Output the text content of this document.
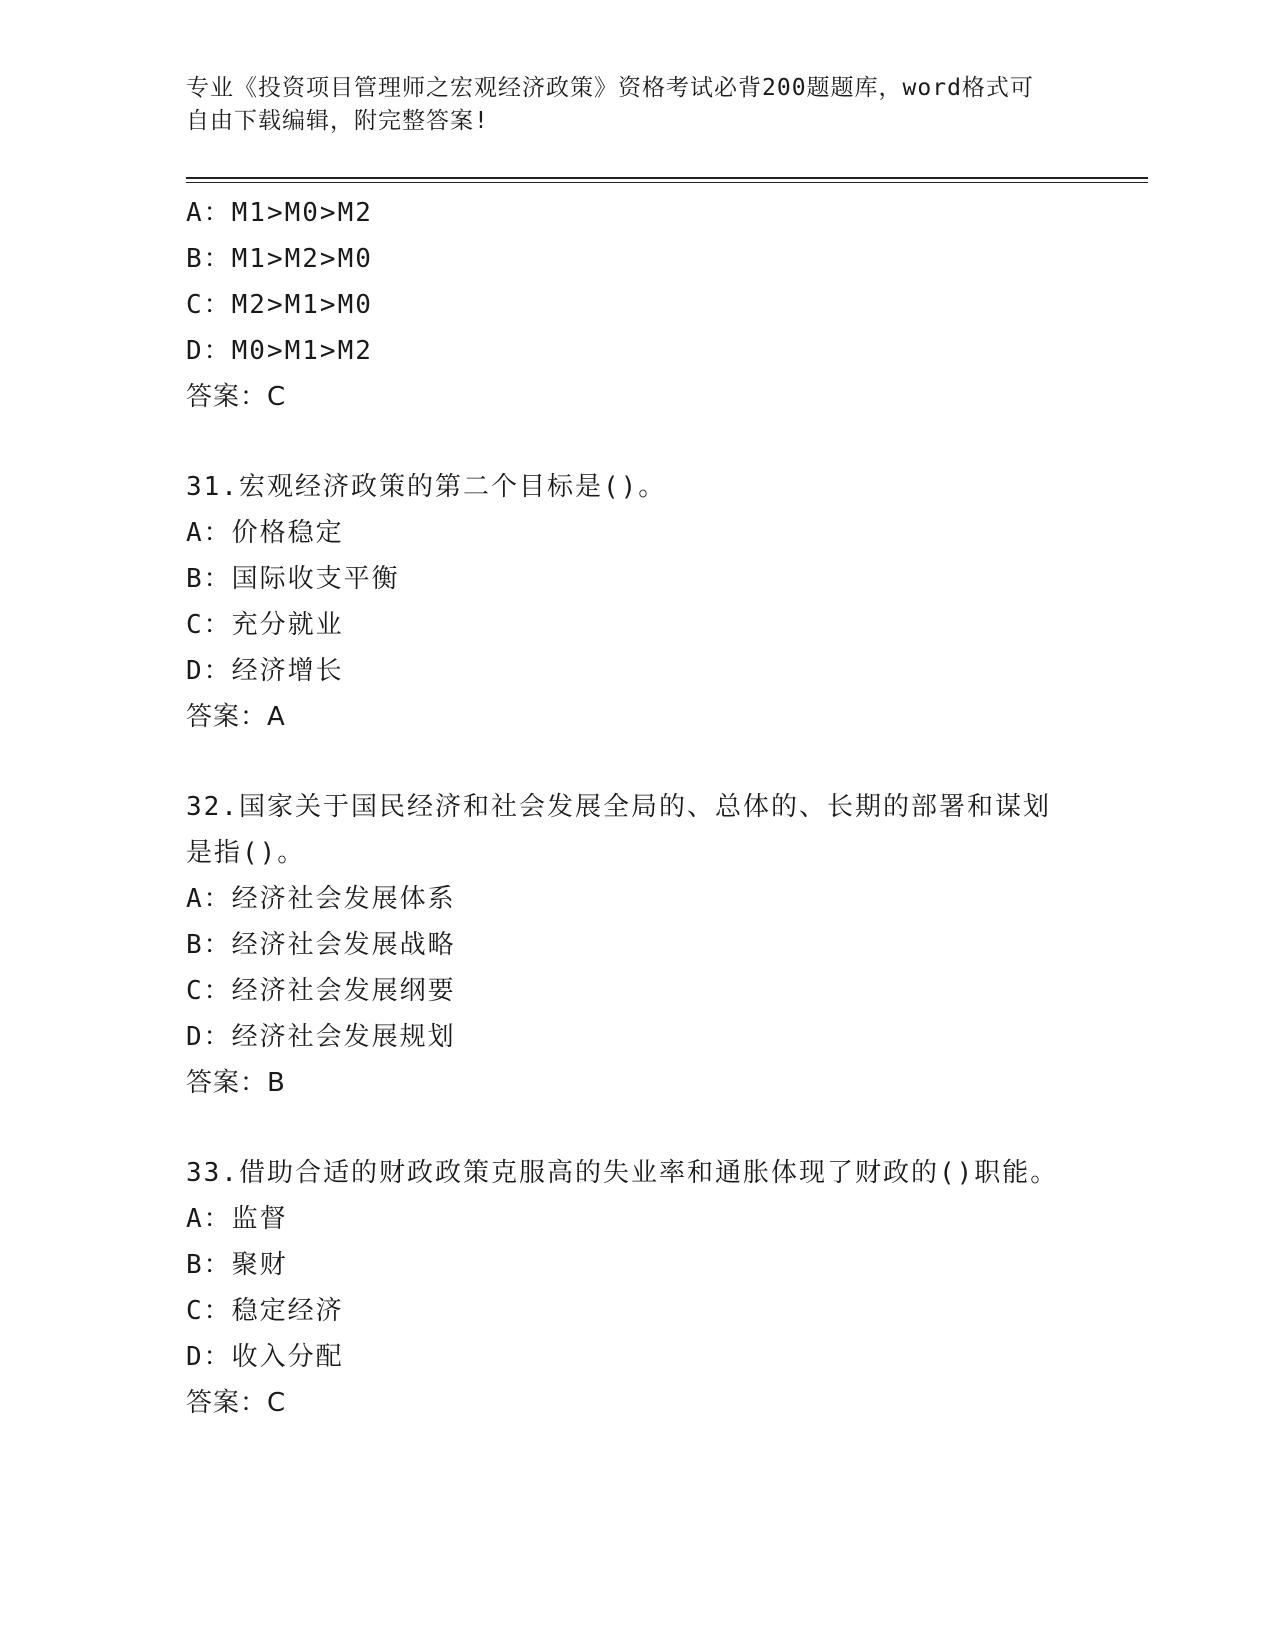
专业《投资项目管理师之宏观经济政策》资格考试必背200题题库，word格式可
自由下载编辑，附完整答案!
A：M1>M0>M2
B：M1>M2>M0
C：M2>M1>M0
D：M0>M1>M2
答案：C
31.宏观经济政策的第二个目标是()。
A：价格稳定
B：国际收支平衡
C：充分就业
D：经济增长
答案：A
32.国家关于国民经济和社会发展全局的、总体的、长期的部署和谋划
是指()。
A：经济社会发展体系
B：经济社会发展战略
C：经济社会发展纲要
D：经济社会发展规划
答案：B
33.借助合适的财政政策克服高的失业率和通胀体现了财政的()职能。
A：监督
B：聚财
C：稳定经济
D：收入分配
答案：C
